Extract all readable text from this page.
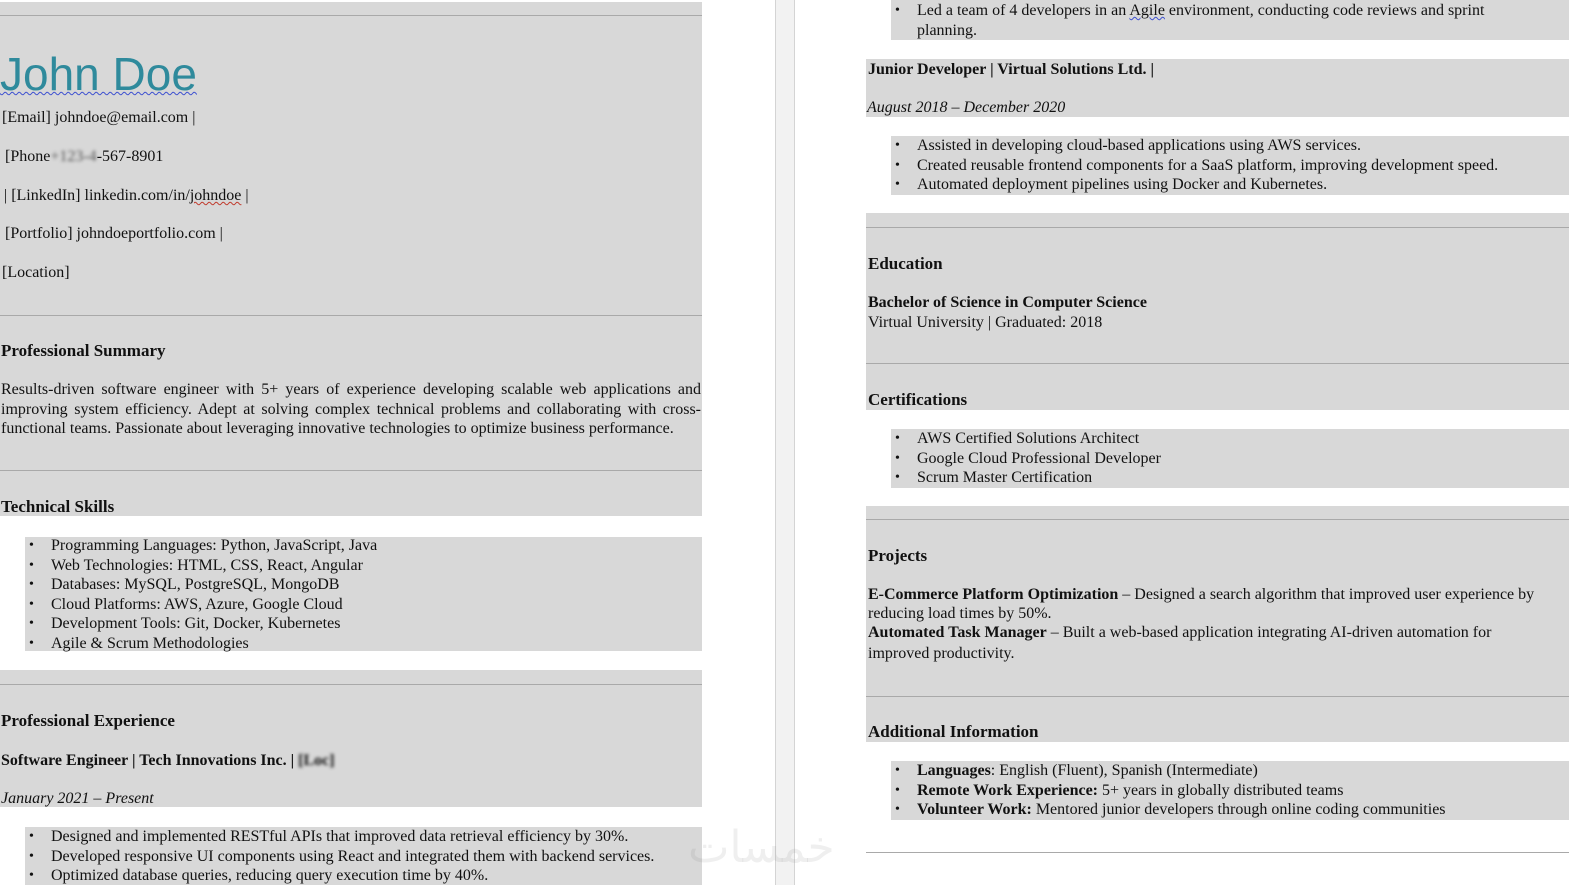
John Doe
[Email] johndoe@email.com |
[Phone+123-4-567-8901
| [LinkedIn] linkedin.com/in/johndoe |
[Portfolio] johndoeportfolio.com |
[Location]
Professional Summary
Results-driven software engineer with 5+ years of experience developing scalable web applications and improving system efficiency. Adept at solving complex technical problems and collaborating with cross-functional teams. Passionate about leveraging innovative technologies to optimize business performance.
Technical Skills
• Programming Languages: Python, JavaScript, Java
• Web Technologies: HTML, CSS, React, Angular
• Databases: MySQL, PostgreSQL, MongoDB
• Cloud Platforms: AWS, Azure, Google Cloud
• Development Tools: Git, Docker, Kubernetes
• Agile & Scrum Methodologies
Professional Experience
Software Engineer | Tech Innovations Inc. | [Loc]
January 2021 – Present
• Designed and implemented RESTful APIs that improved data retrieval efficiency by 30%.
• Developed responsive UI components using React and integrated them with backend services.
• Optimized database queries, reducing query execution time by 40%.
• Led a team of 4 developers in an Agile environment, conducting code reviews and sprint
planning.
Junior Developer | Virtual Solutions Ltd. |
August 2018 – December 2020
• Assisted in developing cloud-based applications using AWS services.
• Created reusable frontend components for a SaaS platform, improving development speed.
• Automated deployment pipelines using Docker and Kubernetes.
Education
Bachelor of Science in Computer Science
Virtual University | Graduated: 2018
Certifications
• AWS Certified Solutions Architect
• Google Cloud Professional Developer
• Scrum Master Certification
Projects
E-Commerce Platform Optimization – Designed a search algorithm that improved user experience by
reducing load times by 50%.
Automated Task Manager – Built a web-based application integrating AI-driven automation for
improved productivity.
Additional Information
• Languages: English (Fluent), Spanish (Intermediate)
• Remote Work Experience: 5+ years in globally distributed teams
• Volunteer Work: Mentored junior developers through online coding communities
خمسات
